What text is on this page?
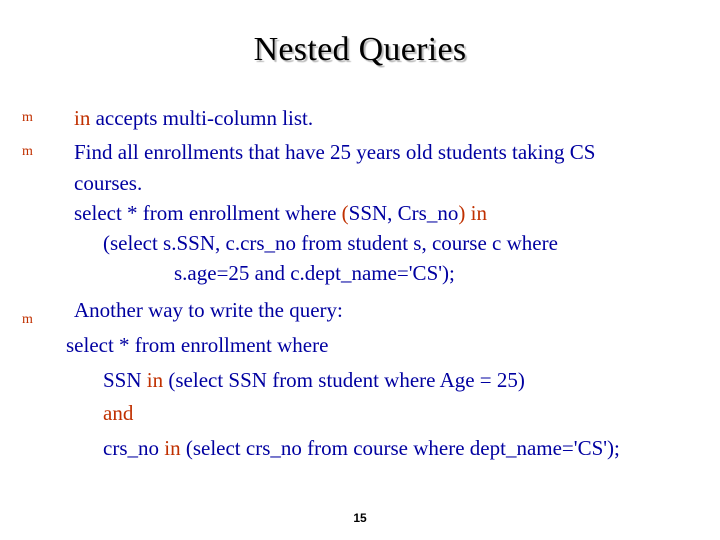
Nested Queries
m in accepts multi-column list.
m Find all enrollments that have 25 years old students taking CS
courses.
select * from enrollment where (SSN, Crs_no) in
(select s.SSN, c.crs_no from student s, course c where
s.age=25 and c.dept_name='CS');
m Another way to write the query:
select * from enrollment where
SSN in (select SSN from student where Age = 25)
and
crs_no in (select crs_no from course where dept_name='CS');
15
